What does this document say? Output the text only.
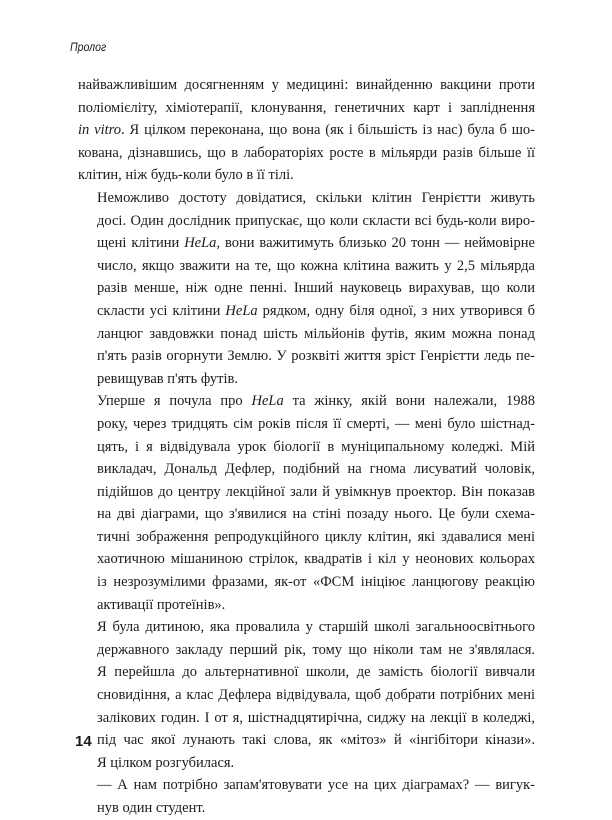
Пролог

найважливішим досягненням у медицині: винайденню вакцини проти
поліомієліту, хіміотерапії, клонування, генетичних карт і запліднення
in vitro. Я цілком переконана, що вона (як і більшість із нас) була б шо-
кована, дізнавшись, що в лабораторіях росте в мільярди разів більше її
клітин, ніж будь-коли було в її тілі.

Неможливо достоту довідатися, скільки клітин Генрієтти живуть
досі. Один дослідник припускає, що коли скласти всі будь-коли виро-
щені клітини HeLa, вони важитимуть близько 20 тонн — неймовірне
число, якщо зважити на те, що кожна клітина важить у 2,5 мільярда
разів менше, ніж одне пенні. Інший науковець вирахував, що коли
скласти усі клітини HeLa рядком, одну біля одної, з них утворився б
ланцюг завдовжки понад шість мільйонів футів, яким можна понад
п'ять разів огорнути Землю. У розквіті життя зріст Генрієтти ледь пе-
ревищував п'ять футів.

Уперше я почула про HeLa та жінку, якій вони належали, 1988
року, через тридцять сім років після її смерті, — мені було шістнад-
цять, і я відвідувала урок біології в муніципальному коледжі. Мій
викладач, Дональд Дефлер, подібний на гнома лисуватий чоловік,
підійшов до центру лекційної зали й увімкнув проектор. Він показав
на дві діаграми, що з'явилися на стіні позаду нього. Це були схема-
тичні зображення репродукційного циклу клітин, які здавалися мені
хаотичною мішаниною стрілок, квадратів і кіл у неонових кольорах
із незрозумілими фразами, як-от «ФСМ ініціює ланцюгову реакцію
активації протеїнів».

Я була дитиною, яка провалила у старшій школі загальноосвітнього
державного закладу перший рік, тому що ніколи там не з'являлася.
Я перейшла до альтернативної школи, де замість біології вивчали
сновидіння, а клас Дефлера відвідувала, щоб добрати потрібних мені
залікових годин. І от я, шістнадцятирічна, сиджу на лекції в коледжі,
під час якої лунають такі слова, як «мітоз» й «інгібітори кінази».
Я цілком розгубилася.

— А нам потрібно запам'ятовувати усе на цих діаграмах? — вигук-
нув один студент.

14
